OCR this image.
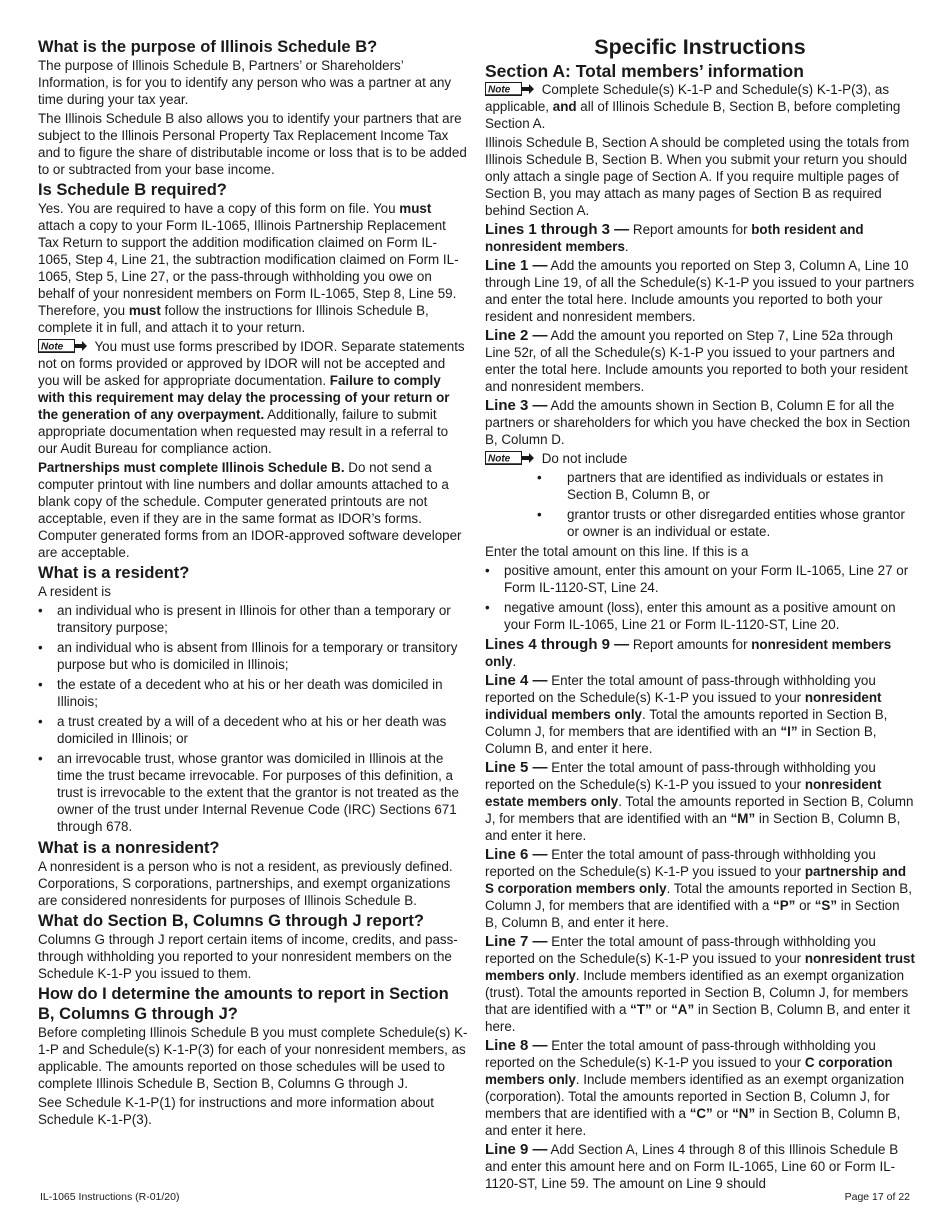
What is the purpose of Illinois Schedule B?

The purpose of Illinois Schedule B, Partners’ or Shareholders’ Information, is for you to identify any person who was a partner at any time during your tax year.

The Illinois Schedule B also allows you to identify your partners that are subject to the Illinois Personal Property Tax Replacement Income Tax and to figure the share of distributable income or loss that is to be added to or subtracted from your base income.

Is Schedule B required?

Yes. You are required to have a copy of this form on file. You must attach a copy to your Form IL-1065, Illinois Partnership Replacement Tax Return to support the addition modification claimed on Form IL-1065, Step 4, Line 21, the subtraction modification claimed on Form IL-1065, Step 5, Line 27, or the pass-through withholding you owe on behalf of your nonresident members on Form IL-1065, Step 8, Line 59. Therefore, you must follow the instructions for Illinois Schedule B, complete it in full, and attach it to your return.

Note You must use forms prescribed by IDOR. Separate statements not on forms provided or approved by IDOR will not be accepted and you will be asked for appropriate documentation. Failure to comply with this requirement may delay the processing of your return or the generation of any overpayment. Additionally, failure to submit appropriate documentation when requested may result in a referral to our Audit Bureau for compliance action.

Partnerships must complete Illinois Schedule B. Do not send a computer printout with line numbers and dollar amounts attached to a blank copy of the schedule. Computer generated printouts are not acceptable, even if they are in the same format as IDOR’s forms. Computer generated forms from an IDOR-approved software developer are acceptable.

What is a resident?

A resident is

• an individual who is present in Illinois for other than a temporary or transitory purpose;
• an individual who is absent from Illinois for a temporary or transitory purpose but who is domiciled in Illinois;
• the estate of a decedent who at his or her death was domiciled in Illinois;
• a trust created by a will of a decedent who at his or her death was domiciled in Illinois; or
• an irrevocable trust, whose grantor was domiciled in Illinois at the time the trust became irrevocable. For purposes of this definition, a trust is irrevocable to the extent that the grantor is not treated as the owner of the trust under Internal Revenue Code (IRC) Sections 671 through 678.
What is a nonresident?

A nonresident is a person who is not a resident, as previously defined. Corporations, S corporations, partnerships, and exempt organizations are considered nonresidents for purposes of Illinois Schedule B.

What do Section B, Columns G through J report?

Columns G through J report certain items of income, credits, and pass-through withholding you reported to your nonresident members on the Schedule K-1-P you issued to them.

How do I determine the amounts to report in Section B, Columns G through J?

Before completing Illinois Schedule B you must complete Schedule(s) K-1-P and Schedule(s) K-1-P(3) for each of your nonresident members, as applicable. The amounts reported on those schedules will be used to complete Illinois Schedule B, Section B, Columns G through J.

See Schedule K-1-P(1) for instructions and more information about Schedule K-1-P(3).

Specific Instructions
Section A: Total members’ information

Note Complete Schedule(s) K-1-P and Schedule(s) K-1-P(3), as applicable, and all of Illinois Schedule B, Section B, before completing Section A.

Illinois Schedule B, Section A should be completed using the totals from Illinois Schedule B, Section B. When you submit your return you should only attach a single page of Section A. If you require multiple pages of Section B, you may attach as many pages of Section B as required behind Section A.

Lines 1 through 3 — Report amounts for both resident and nonresident members.

Line 1 — Add the amounts you reported on Step 3, Column A, Line 10 through Line 19, of all the Schedule(s) K-1-P you issued to your partners and enter the total here. Include amounts you reported to both your resident and nonresident members.

Line 2 — Add the amount you reported on Step 7, Line 52a through Line 52r, of all the Schedule(s) K-1-P you issued to your partners and enter the total here. Include amounts you reported to both your resident and nonresident members.

Line 3 — Add the amounts shown in Section B, Column E for all the partners or shareholders for which you have checked the box in Section B, Column D.

Note Do not include

• partners that are identified as individuals or estates in Section B, Column B, or
• grantor trusts or other disregarded entities whose grantor or owner is an individual or estate.

Enter the total amount on this line. If this is a

• positive amount, enter this amount on your Form IL-1065, Line 27 or Form IL-1120-ST, Line 24.
• negative amount (loss), enter this amount as a positive amount on your Form IL-1065, Line 21 or Form IL-1120-ST, Line 20.

Lines 4 through 9 — Report amounts for nonresident members only.

Line 4 — Enter the total amount of pass-through withholding you reported on the Schedule(s) K-1-P you issued to your nonresident individual members only. Total the amounts reported in Section B, Column J, for members that are identified with an “I” in Section B, Column B, and enter it here.

Line 5 — Enter the total amount of pass-through withholding you reported on the Schedule(s) K-1-P you issued to your nonresident estate members only. Total the amounts reported in Section B, Column J, for members that are identified with an “M” in Section B, Column B, and enter it here.

Line 6 — Enter the total amount of pass-through withholding you reported on the Schedule(s) K-1-P you issued to your partnership and S corporation members only. Total the amounts reported in Section B, Column J, for members that are identified with a “P” or “S” in Section B, Column B, and enter it here.

Line 7 — Enter the total amount of pass-through withholding you reported on the Schedule(s) K-1-P you issued to your nonresident trust members only. Include members identified as an exempt organization (trust). Total the amounts reported in Section B, Column J, for members that are identified with a “T” or “A” in Section B, Column B, and enter it here.

Line 8 — Enter the total amount of pass-through withholding you reported on the Schedule(s) K-1-P you issued to your C corporation members only. Include members identified as an exempt organization (corporation). Total the amounts reported in Section B, Column J, for members that are identified with a “C” or “N” in Section B, Column B, and enter it here.

Line 9 — Add Section A, Lines 4 through 8 of this Illinois Schedule B and enter this amount here and on Form IL-1065, Line 60 or Form IL-1120-ST, Line 59. The amount on Line 9 should

IL-1065 Instructions (R-01/20)	Page 17 of 22
